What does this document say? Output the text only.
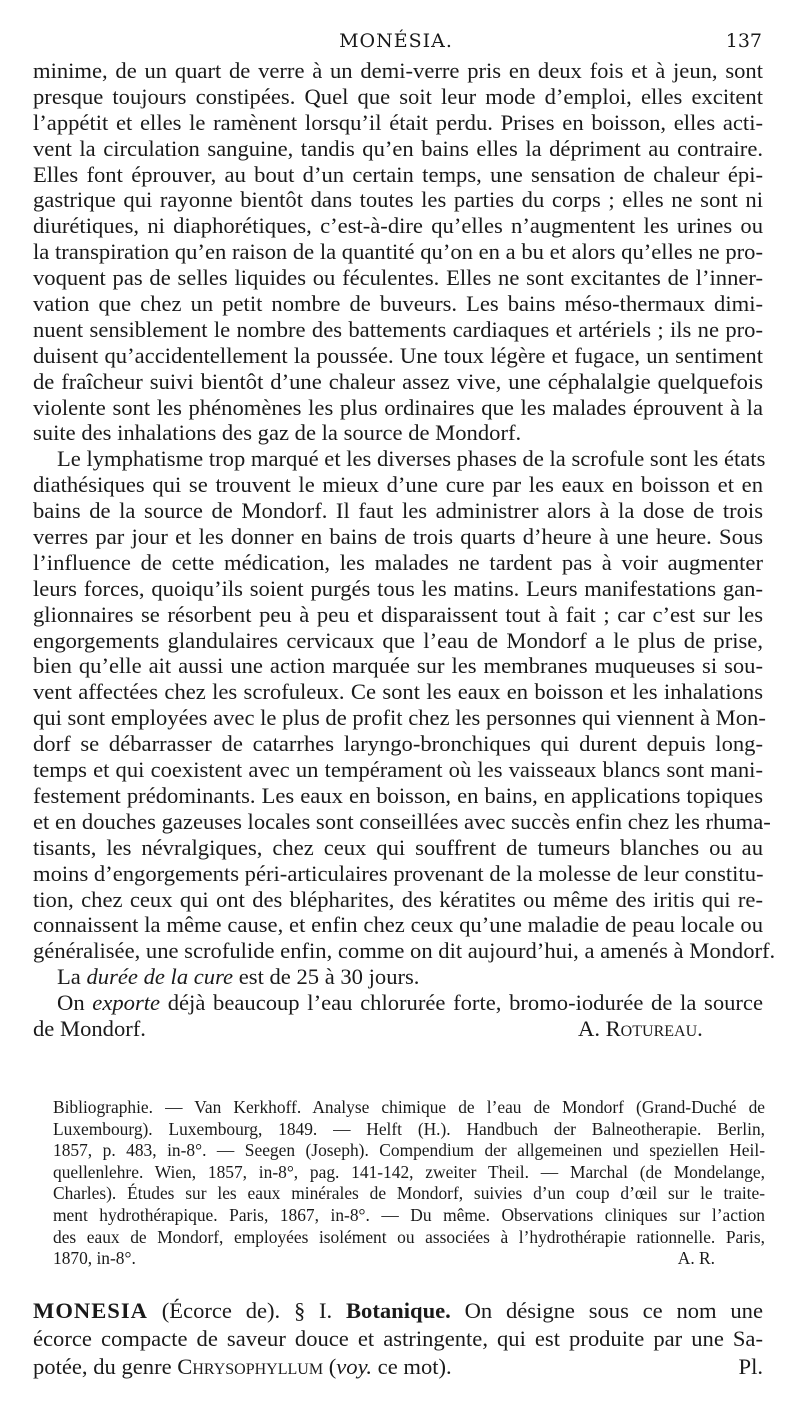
MONÉSIA.	137
minime, de un quart de verre à un demi-verre pris en deux fois et à jeun, sont
presque toujours constipées. Quel que soit leur mode d’emploi, elles excitent
l’appétit et elles le ramènent lorsqu’il était perdu. Prises en boisson, elles acti-
vent la circulation sanguine, tandis qu’en bains elles la dépriment au contraire.
Elles font éprouver, au bout d’un certain temps, une sensation de chaleur épi-
gastrique qui rayonne bientôt dans toutes les parties du corps ; elles ne sont ni
diurétiques, ni diaphorétiques, c’est-à-dire qu’elles n’augmentent les urines ou
la transpiration qu’en raison de la quantité qu’on en a bu et alors qu’elles ne pro-
voquent pas de selles liquides ou féculentes. Elles ne sont excitantes de l’inner-
vation que chez un petit nombre de buveurs. Les bains méso-thermaux dimi-
nuent sensiblement le nombre des battements cardiaques et artériels ; ils ne pro-
duisent qu’accidentellement la poussée. Une toux légère et fugace, un sentiment
de fraîcheur suivi bientôt d’une chaleur assez vive, une céphalalgie quelquefois
violente sont les phénomènes les plus ordinaires que les malades éprouvent à la
suite des inhalations des gaz de la source de Mondorf.
Le lymphatisme trop marqué et les diverses phases de la scrofule sont les états
diathésiques qui se trouvent le mieux d’une cure par les eaux en boisson et en
bains de la source de Mondorf. Il faut les administrer alors à la dose de trois
verres par jour et les donner en bains de trois quarts d’heure à une heure. Sous
l’influence de cette médication, les malades ne tardent pas à voir augmenter
leurs forces, quoiqu’ils soient purgés tous les matins. Leurs manifestations gan-
glionnaires se résorbent peu à peu et disparaissent tout à fait ; car c’est sur les
engorgements glandulaires cervicaux que l’eau de Mondorf a le plus de prise,
bien qu’elle ait aussi une action marquée sur les membranes muqueuses si sou-
vent affectées chez les scrofuleux. Ce sont les eaux en boisson et les inhalations
qui sont employées avec le plus de profit chez les personnes qui viennent à Mon-
dorf se débarrasser de catarrhes laryngo-bronchiques qui durent depuis long-
temps et qui coexistent avec un tempérament où les vaisseaux blancs sont mani-
festement prédominants. Les eaux en boisson, en bains, en applications topiques
et en douches gazeuses locales sont conseillées avec succès enfin chez les rhuma-
tisants, les névralgiques, chez ceux qui souffrent de tumeurs blanches ou au
moins d’engorgements péri-articulaires provenant de la molesse de leur constitu-
tion, chez ceux qui ont des blépharites, des kératites ou même des iritis qui re-
connaissent la même cause, et enfin chez ceux qu’une maladie de peau locale ou
généralisée, une scrofulide enfin, comme on dit aujourd’hui, a amenés à Mondorf.
La durée de la cure est de 25 à 30 jours.
On exporte déjà beaucoup l’eau chlorurée forte, bromo-iodurée de la source
de Mondorf.	A. Rotureau.
Bibliographie. — Van Kerkhoff. Analyse chimique de l’eau de Mondorf (Grand-Duché de
Luxembourg). Luxembourg, 1849. — Helft (H.). Handbuch der Balneotherapie. Berlin,
1857, p. 483, in-8°. — Seegen (Joseph). Compendium der allgemeinen und speziellen Heil-
quellenlehre. Wien, 1857, in-8°, pag. 141-142, zweiter Theil. — Marchal (de Mondelange,
Charles). Études sur les eaux minérales de Mondorf, suivies d’un coup d’œil sur le traite-
ment hydrothérapique. Paris, 1867, in-8°. — Du même. Observations cliniques sur l’action
des eaux de Mondorf, employées isolément ou associées à l’hydrothérapie rationnelle. Paris,
1870, in-8°.	A. R.
MONESIA (Écorce de). § I. Botanique. On désigne sous ce nom une
écorce compacte de saveur douce et astringente, qui est produite par une Sa-
potée, du genre Chrysophyllum (voy. ce mot).	Pl.
